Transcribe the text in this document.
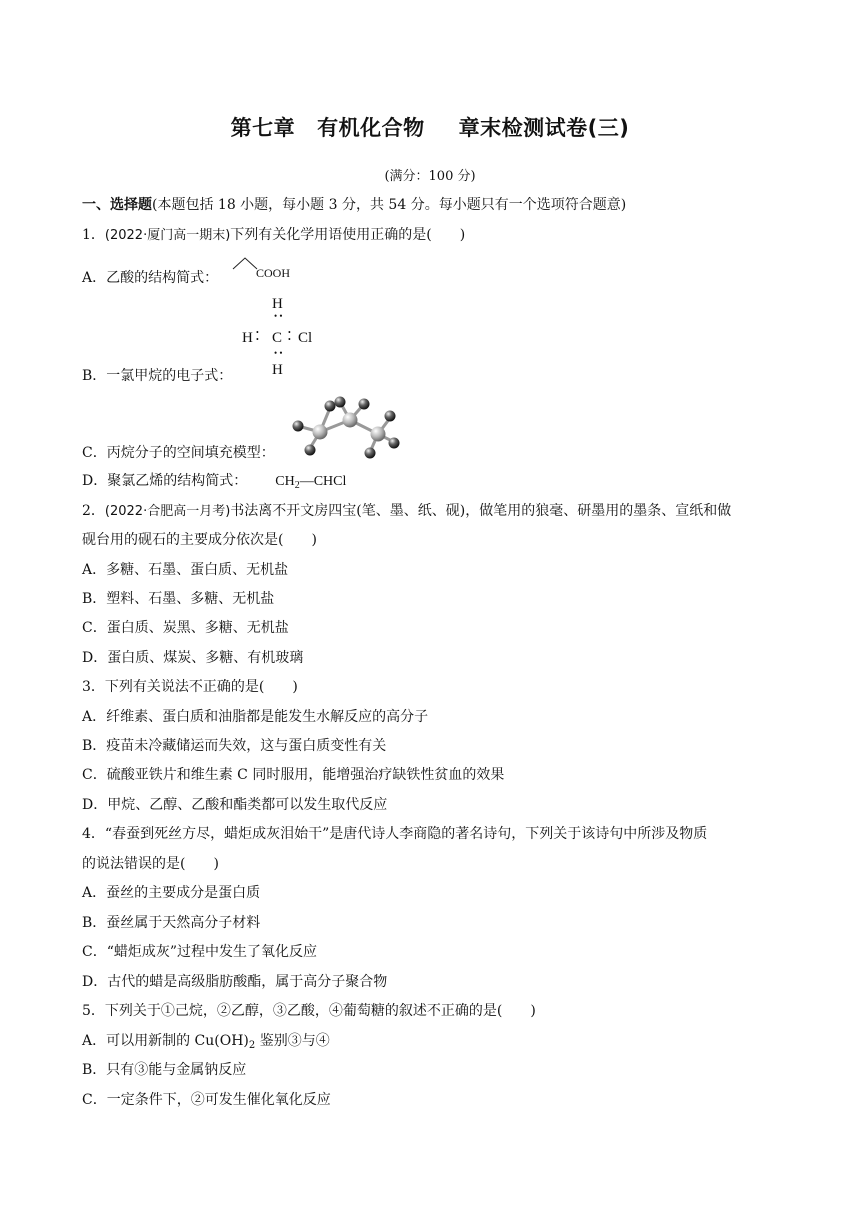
第七章 有机化合物 章末检测试卷(三)
(满分：100 分)
一、选择题(本题包括 18 小题，每小题 3 分，共 54 分。每小题只有一个选项符合题意)
1．(2022·厦门高一期末)下列有关化学用语使用正确的是(　　)
A．乙酸的结构简式：	COOH
H
• •
H •
• C •
• Cl
• •
H
B．一氯甲烷的电子式：
C．丙烷分子的空间填充模型：
D．聚氯乙烯的结构简式： $CH_2—CHCl$
2．(2022·合肥高一月考)书法离不开文房四宝(笔、墨、纸、砚)，做笔用的狼毫、研墨用的墨条、宣纸和做
砚台用的砚石的主要成分依次是(　　)
A．多糖、石墨、蛋白质、无机盐
B．塑料、石墨、多糖、无机盐
C．蛋白质、炭黑、多糖、无机盐
D．蛋白质、煤炭、多糖、有机玻璃
3．下列有关说法不正确的是(　　)
A．纤维素、蛋白质和油脂都是能发生水解反应的高分子
B．疫苗未冷藏储运而失效，这与蛋白质变性有关
C．硫酸亚铁片和维生素 C 同时服用，能增强治疗缺铁性贫血的效果
D．甲烷、乙醇、乙酸和酯类都可以发生取代反应
4．“春蚕到死丝方尽，蜡炬成灰泪始干”是唐代诗人李商隐的著名诗句，下列关于该诗句中所涉及物质
的说法错误的是(　　)
A．蚕丝的主要成分是蛋白质
B．蚕丝属于天然高分子材料
C．“蜡炬成灰”过程中发生了氧化反应
D．古代的蜡是高级脂肪酸酯，属于高分子聚合物
5．下列关于①己烷，②乙醇，③乙酸，④葡萄糖的叙述不正确的是(　　)
A．可以用新制的 $Cu(OH)_2$ 鉴别③与④
B．只有③能与金属钠反应
C．一定条件下，②可发生催化氧化反应
